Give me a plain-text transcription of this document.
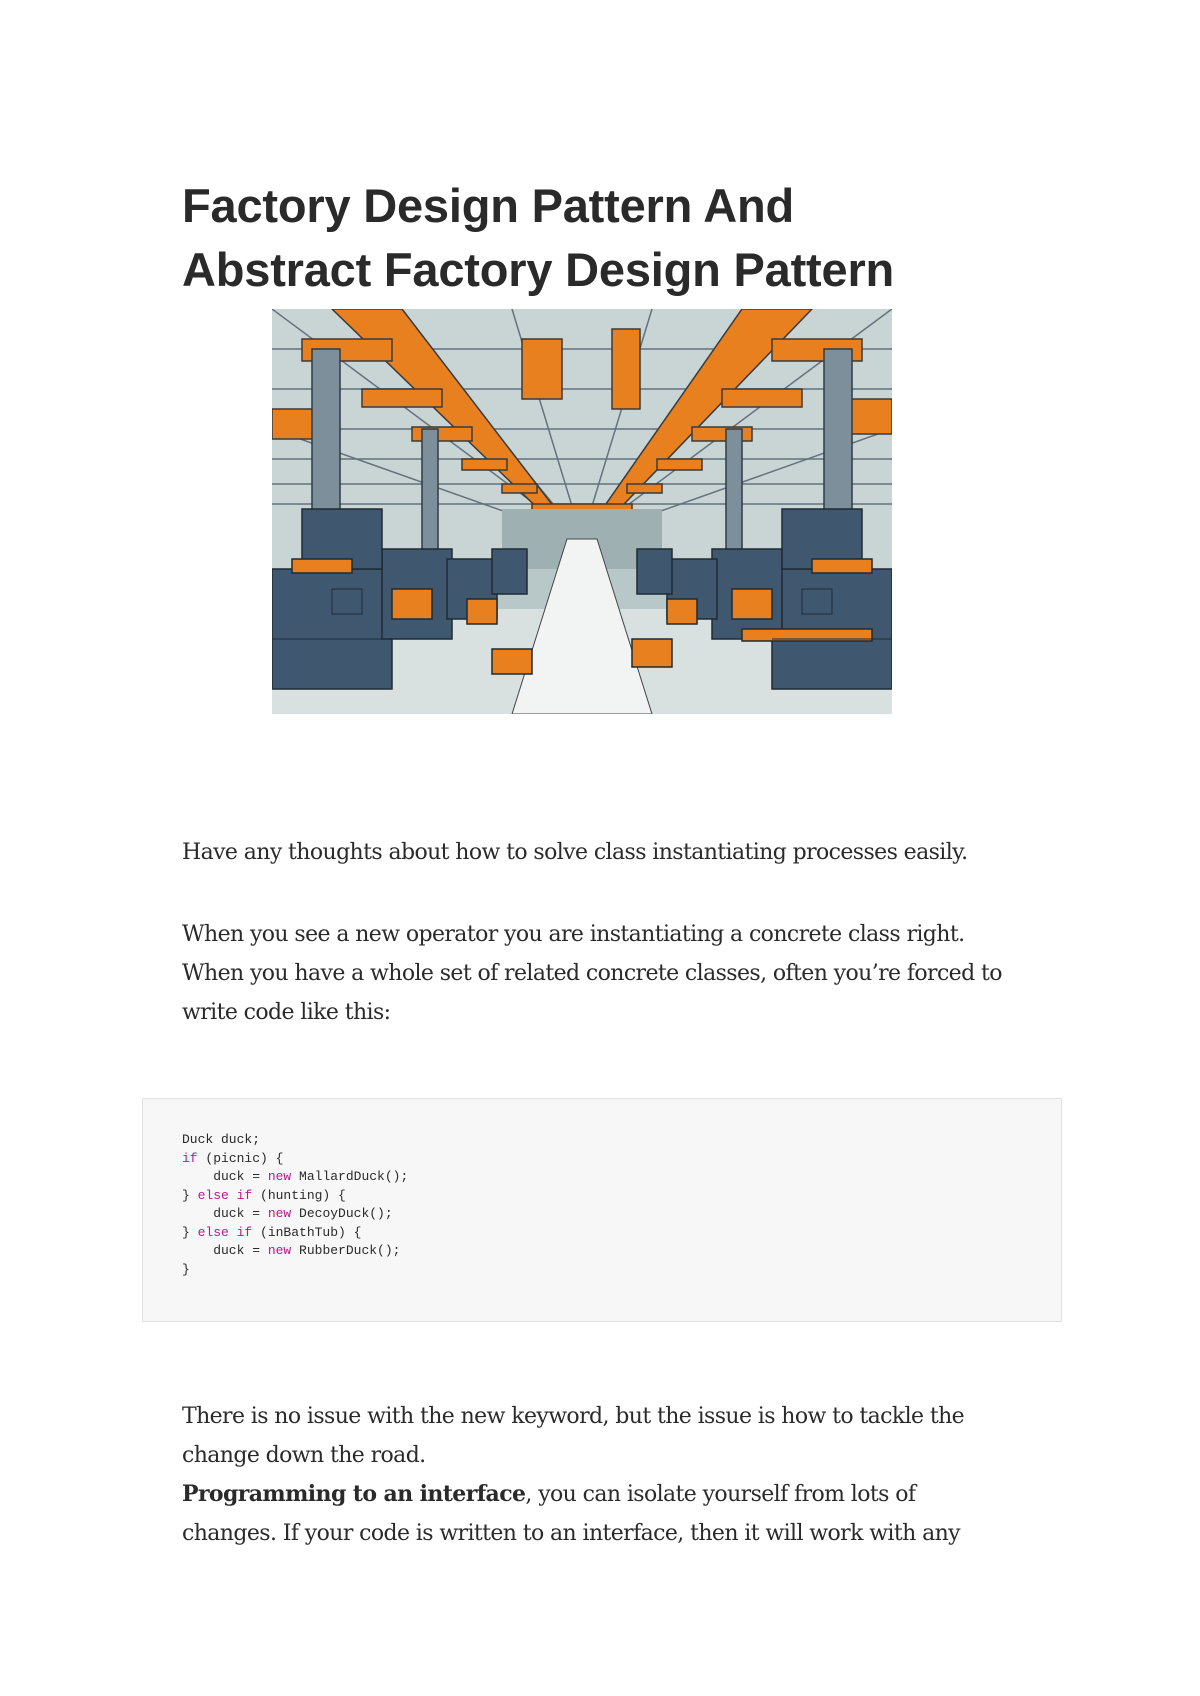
Factory Design Pattern And
Abstract Factory Design Pattern

Have any thoughts about how to solve class instantiating processes easily.

When you see a new operator you are instantiating a concrete class right.
When you have a whole set of related concrete classes, often you’re forced to
write code like this:

Duck duck;
if (picnic) {
duck = new MallardDuck();
} else if (hunting) {
duck = new DecoyDuck();
} else if (inBathTub) {
duck = new RubberDuck();
}

There is no issue with the new keyword, but the issue is how to tackle the
change down the road.

Programming to an interface, you can isolate yourself from lots of
changes. If your code is written to an interface, then it will work with any
